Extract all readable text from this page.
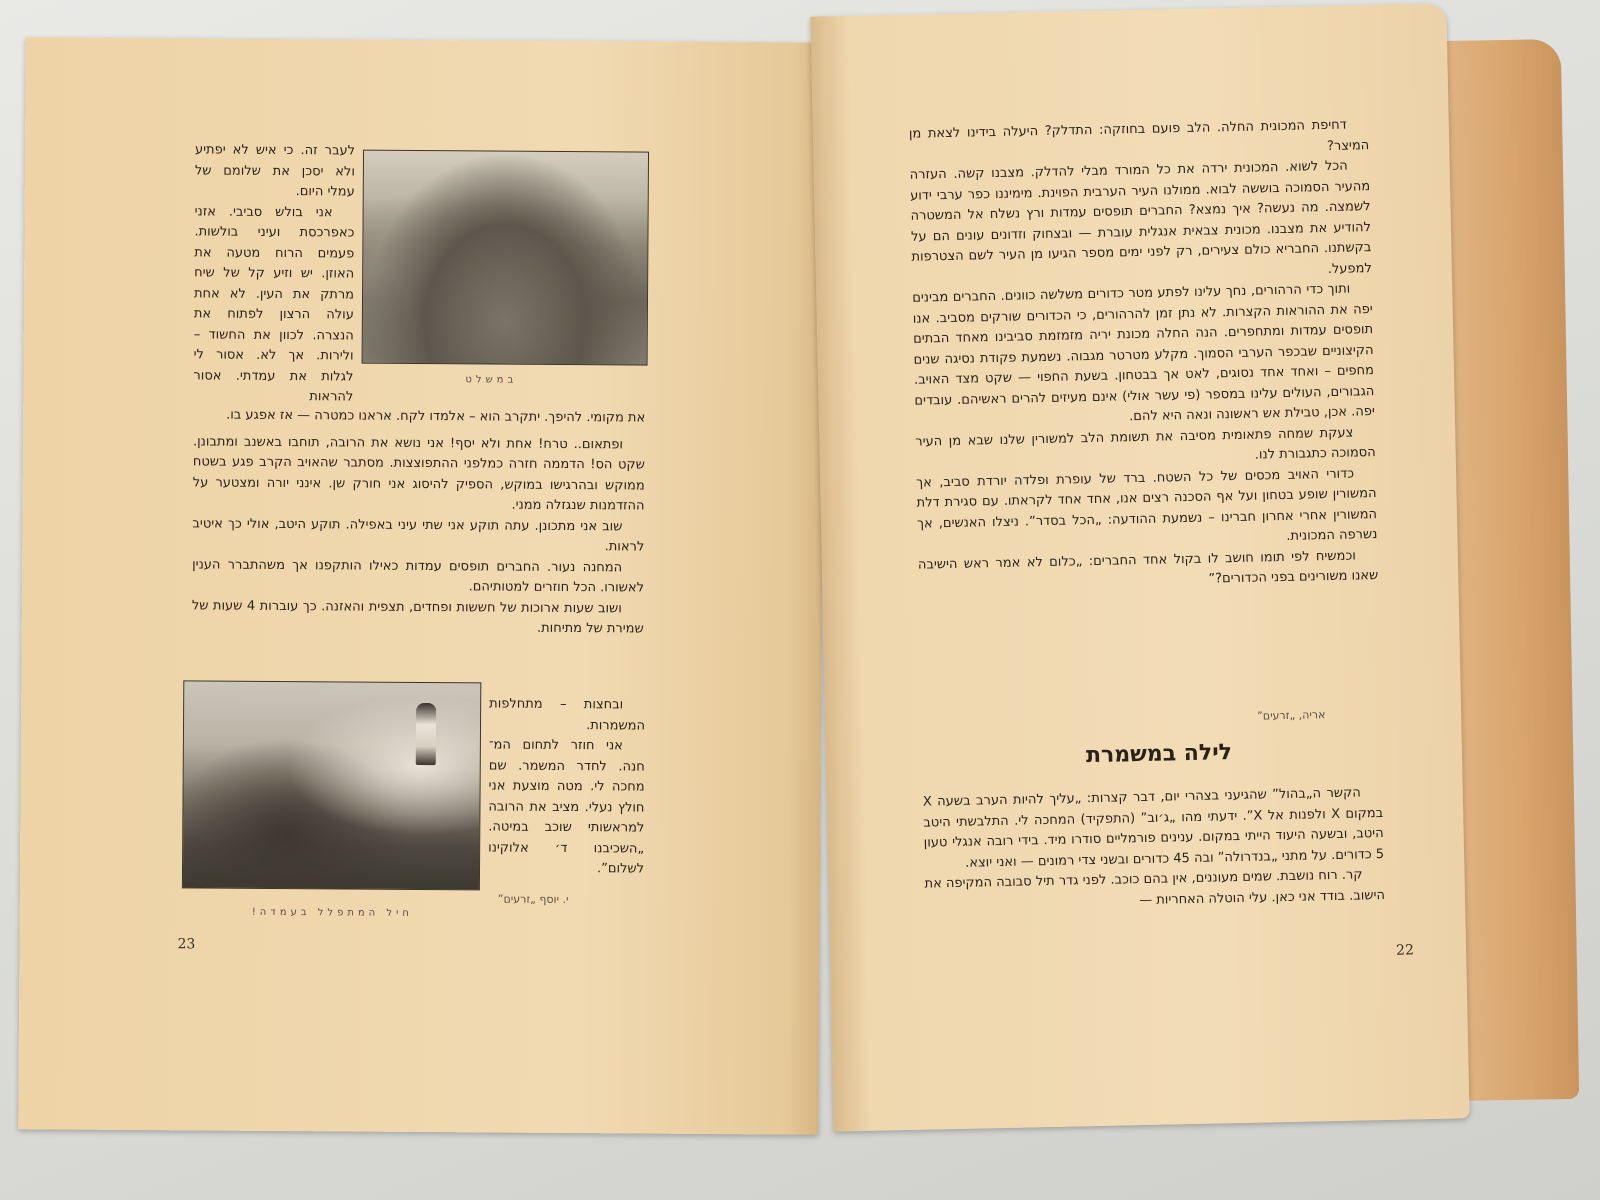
לעבר זה. כי איש לא יפתיע ולא יסכן את שלומם של עמלי היום.

אני בולש סביבי. אזני כאפרכסת ועיני בולשות. פעמים הרוח מטעה את האוזן. יש וזיע קל של שיח מרתק את העין. לא אחת עולה הרצון לפתוח את הנצרה. לכוון את החשוד – ולירות. אך לא. אסור לי לגלות את עמדתי. אסור להראות

במשלט

את מקומי. להיפך. יתקרב הוא – אלמדו לקח. אראנו כמטרה — אז אפגע בו.

ופתאום.. טרח! אחת ולא יסף! אני נושא את הרובה, תוחבו באשנב ומתבונן. שקט הס! הדממה חזרה כמלפני ההתפוצצות. מסתבר שהאויב הקרב פגע בשטח ממוקש ובהרגישו במוקש, הספיק להיסוג אני חורק שן. אינני יורה ומצטער על ההזדמנות שנגזלה ממני.

שוב אני מתכונן. עתה תוקע אני שתי עיני באפילה. תוקע היטב, אולי כך איטיב לראות.

המחנה נעור. החברים תופסים עמדות כאילו הותקפנו אך משהתברר הענין לאשורו. הכל חוזרים למטותיהם.

ושוב שעות ארוכות של חששות ופחדים, תצפית והאזנה. כך עוברות 4 שעות של שמירת של מתיחות.

ובחצות – מתחלפות המשמרות.

אני חוזר לתחום המ־ חנה. לחדר המשמר. שם מחכה לי. מטה מוצעת אני חולץ נעלי. מציב את הרובה למראשותי שוכב במיטה. „השכיבנו ד׳ אלוקינו לשלום”.

י. יוסף „זרעים”
חיל המתפלל בעמדה!
23

דחיפת המכונית החלה. הלב פועם בחוזקה: התדלק? היעלה בידינו לצאת מן המיצר?

הכל לשוא. המכונית ירדה את כל המורד מבלי להדלק. מצבנו קשה. העזרה מהעיר הסמוכה בוששה לבוא. ממולנו העיר הערבית הפוינת. מימיננו כפר ערבי ידוע לשמצה. מה נעשה? איך נמצא? החברים תופסים עמדות ורץ נשלח אל המשטרה להודיע את מצבנו. מכונית צבאית אנגלית עוברת — ובצחוק וזדונים עונים הם על בקשתנו. החבריא כולם צעירים, רק לפני ימים מספר הגיעו מן העיר לשם הצטרפות למפעל.

ותוך כדי הרהורים, נחך עלינו לפתע מטר כדורים משלשה כוונים. החברים מבינים יפה את ההוראות הקצרות. לא נתן זמן להרהורים, כי הכדורים שורקים מסביב. אנו תופסים עמדות ומתחפרים. הנה החלה מכונת יריה מזמזמת סביבינו מאחד הבתים הקיצוניים שבכפר הערבי הסמוך. מקלע מטרטר מגבוה. נשמעת פקודת נסיגה שנים מחפים – ואחד אחד נסוגים, לאט אך בבטחון. בשעת החפוי — שקט מצד האויב. הגבורים, העולים עלינו במספר (פי עשר אולי) אינם מעיזים להרים ראשיהם. עובדים יפה. אכן, טבילת אש ראשונה ונאה היא להם.

צעקת שמחה פתאומית מסיבה את תשומת הלב למשורין שלנו שבא מן העיר הסמוכה כתגבורת לנו.

כדורי האויב מכסים של כל השטח. ברד של עופרת ופלדה יורדת סביב, אך המשורין שופע בטחון ועל אף הסכנה רצים אנו, אחד אחד לקראתו. עם סגירת דלת המשורין אחרי אחרון חברינו – נשמעת ההודעה: „הכל בסדר”. ניצלו האנשים, אך נשרפה המכונית.

וכמשיח לפי תומו חושב לו בקול אחד החברים: „כלום לא אמר ראש הישיבה שאנו משורינים בפני הכדורים?”

אריה, „זרעים”
לילה במשמרת

הקשר ה„בהול” שהגיעני בצהרי יום, דבר קצרות: „עליך להיות הערב בשעה X במקום X ולפנות אל X”. ידעתי מהו „ג׳וב” (התפקיד) המחכה לי. התלבשתי היטב היטב, ובשעה היעוד הייתי במקום. ענינים פורמליים סודרו מיד. בידי רובה אנגלי טעון 5 כדורים. על מתני „בנדרולה” ובה 45 כדורים ובשני צדי רמונים — ואני יוצא.

קר. רוח נושבת. שמים מעוננים, אין בהם כוכב. לפני גדר תיל סבובה המקיפה את הישוב. בודד אני כאן. עלי הוטלה האחריות —

22
